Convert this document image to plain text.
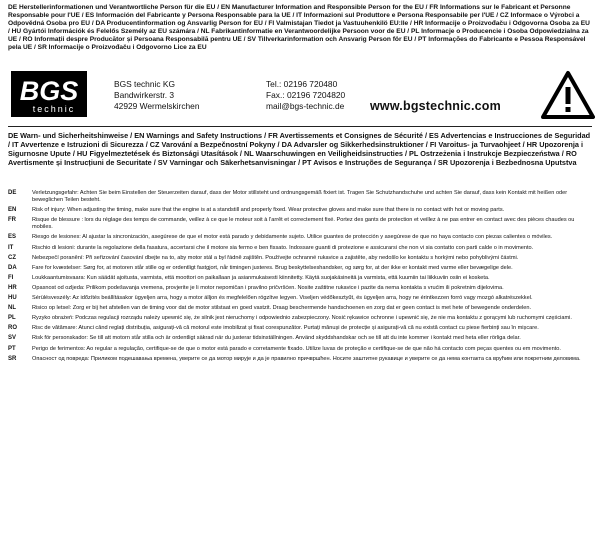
DE Herstellerinformationen und Verantwortliche Person für die EU / EN Manufacturer Information and Responsible Person for the EU / FR Informations sur le Fabricant et Personne Responsable pour l'UE / ES Información del Fabricante y Persona Responsable para la UE / IT Informazioni sul Produttore e Persona Responsabile per l'UE / CZ Informace o Výrobci a Odpovědná Osoba pro EU / DA Producentinformation og Ansvarlig Person for EU / FI Valmistajan Tiedot ja Vastuuhenkilö EU:lle / HR Informacije o Proizvođaču i Odgovorna Osoba za EU / HU Gyártói Információk és Felelős Személy az EU számára / NL Fabrikantinformatie en Verantwoordelijke Persoon voor de EU / PL Informacje o Producencie i Osoba Odpowiedzialna za UE / RO Informații despre Producător și Persoana Responsabilă pentru UE / SV Tillverkarinformation och Ansvarig Person för EU / PT Informações do Fabricante e Pessoa Responsável pela UE / SR Informacije o Proizvođaču i Odgovorno Lice za EU

BGS
technic
BGS technic KG
Bandwirkerstr. 3
42929 Wermelskirchen
Tel.: 02196 720480
Fax.: 02196 7204820
mail@bgs-technic.de www.bgstechnic.com
DE Warn- und Sicherheitshinweise / EN Warnings and Safety Instructions / FR Avertissements et Consignes de Sécurité / ES Advertencias e Instrucciones de Seguridad / IT Avvertenze e Istruzioni di Sicurezza / CZ Varování a Bezpečnostní Pokyny / DA Advarsler og Sikkerhedsinstruktioner / FI Varoitus- ja Turvaohjeet / HR Upozorenja i Sigurnosne Upute / HU Figyelmeztetések és Biztonsági Utasítások / NL Waarschuwingen en Veiligheidsinstructies / PL Ostrzeżenia i Instrukcje Bezpieczeństwa / RO Avertismente și Instrucțiuni de Securitate / SV Varningar och Säkerhetsanvisningar / PT Avisos e Instruções de Segurança / SR Upozorenja i Bezbednosna Uputstva
DE	Verletzungsgefahr: Achten Sie beim Einstellen der Steuerzeiten darauf, dass der Motor stillsteht und ordnungsgemäß fixiert ist. Tragen Sie Schutzhandschuhe und achten Sie darauf, dass kein Kontakt mit heißen oder beweglichen Teilen besteht.
EN	Risk of injury: When adjusting the timing, make sure that the engine is at a standstill and properly fixed. Wear protective gloves and make sure that there is no contact with hot or moving parts.
FR	Risque de blessure : lors du réglage des temps de commande, veillez à ce que le moteur soit à l'arrêt et correctement fixé. Portez des gants de protection et veillez à ne pas entrer en contact avec des pièces chaudes ou mobiles.
ES	Riesgo de lesiones: Al ajustar la sincronización, asegúrese de que el motor está parado y debidamente sujeto. Utilice guantes de protección y asegúrese de que no haya contacto con piezas calientes o móviles.
IT	Rischio di lesioni: durante la regolazione della fasatura, accertarsi che il motore sia fermo e ben fissato. Indossare guanti di protezione e assicurarsi che non vi sia contatto con parti calde o in movimento.
CZ	Nebezpečí poranění: Při seřizování časování dbejte na to, aby motor stál a byl řádně zajištěn. Používejte ochranné rukavice a zajistěte, aby nedošlo ke kontaktu s horkými nebo pohyblivými částmi.
DA	Fare for kvæstelser: Sørg for, at motoren står stille og er ordentligt fastgjort, når timingen justeres. Brug beskyttelseshandsker, og sørg for, at der ikke er kontakt med varme eller bevægelige dele.
FI	Loukkaantumisvaara: Kun säädät ajoitusta, varmista, että moottori on paikallaan ja asianmukaisesti kiinnitetty. Käytä suojakäsineitä ja varmista, että kuumiin tai liikkuviin osiin ei kosketa.
HR	Opasnost od ozljeda: Prilikom podešavanja vremena, provjerite je li motor nepomičan i pravilno pričvršćen. Nosite zaštitne rukavice i pazite da nema kontakta s vrućim ili pokretnim dijelovima.
HU	Sérülésveszély: Az időzítés beállításakor ügyeljen arra, hogy a motor álljon és megfelelően rögzítve legyen. Viseljen védőkesztyűt, és ügyeljen arra, hogy ne érintkezzen forró vagy mozgó alkatrészekkel.
NL	Risico op letsel: Zorg er bij het afstellen van de timing voor dat de motor stilstaat en goed vastzit. Draag beschermende handschoenen en zorg dat er geen contact is met hete of bewegende onderdelen.
PL	Ryzyko obrażeń: Podczas regulacji rozrządu należy upewnić się, że silnik jest nieruchomy i odpowiednio zabezpieczony. Nosić rękawice ochronne i upewnić się, że nie ma kontaktu z gorącymi lub ruchomymi częściami.
RO	Risc de vătămare: Atunci când reglați distribuția, asigurați-vă că motorul este imobilizat și fixat corespunzător. Purtați mănuși de protecție și asigurați-vă că nu există contact cu piese fierbinți sau în mișcare.
SV	Risk för personskador: Se till att motorn står stilla och är ordentligt säkrad när du justerar tidsinställningen. Använd skyddshandskar och se till att du inte kommer i kontakt med heta eller rörliga delar.
PT	Perigo de ferimentos: Ao regular a regulação, certifique-se de que o motor está parado e corretamente fixado. Utilize luvas de proteção e certifique-se de que não há contacto com peças quentes ou em movimento.
SR	Опасност од повреда: Приликом подешавања времена, уверите се да мотор мирује и да је правилно причвршћен. Носите заштитне рукавице и уверите се да нема контакта са врућим или покретним деловима.
